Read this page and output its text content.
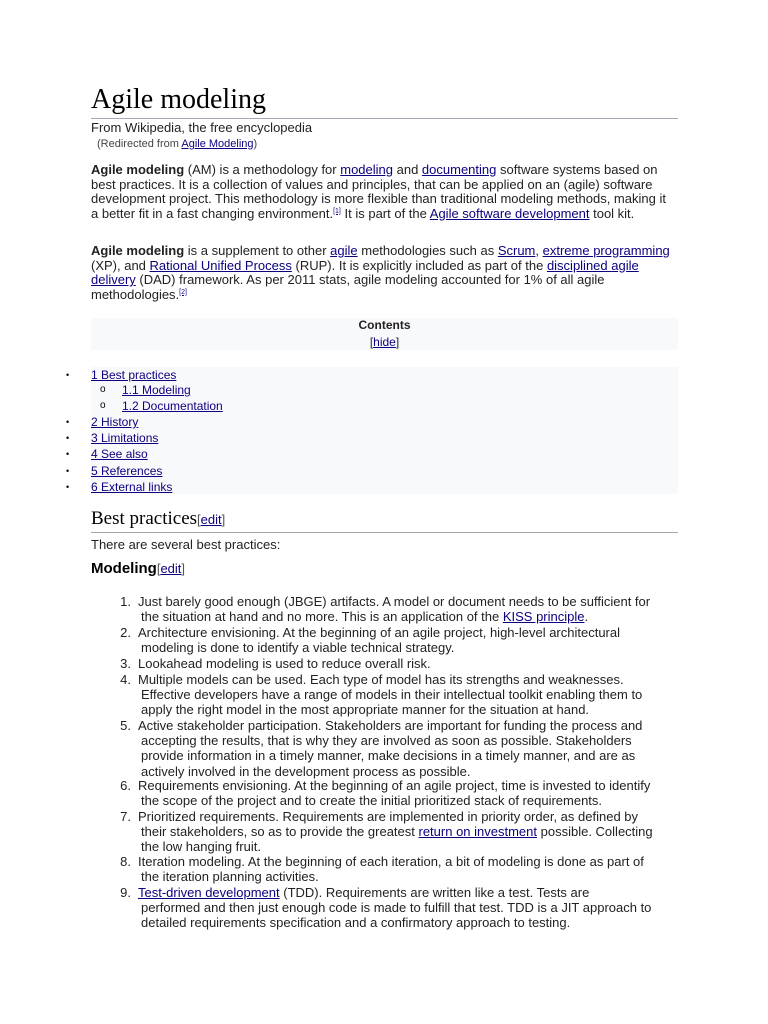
Agile modeling
From Wikipedia, the free encyclopedia
(Redirected from Agile Modeling)

Agile modeling (AM) is a methodology for modeling and documenting software systems based on best practices. It is a collection of values and principles, that can be applied on an (agile) software development project. This methodology is more flexible than traditional modeling methods, making it a better fit in a fast changing environment.[1] It is part of the Agile software development tool kit.

Agile modeling is a supplement to other agile methodologies such as Scrum, extreme programming (XP), and Rational Unified Process (RUP). It is explicitly included as part of the disciplined agile delivery (DAD) framework. As per 2011 stats, agile modeling accounted for 1% of all agile methodologies.[2]

Contents
[hide]
• 1 Best practices
o 1.1 Modeling
o 1.2 Documentation
• 2 History
• 3 Limitations
• 4 See also
• 5 References
• 6 External links
Best practices[edit]
There are several best practices:
Modeling[edit]
1. Just barely good enough (JBGE) artifacts. A model or document needs to be sufficient for
the situation at hand and no more. This is an application of the KISS principle.
2. Architecture envisioning. At the beginning of an agile project, high-level architectural
modeling is done to identify a viable technical strategy.
3. Lookahead modeling is used to reduce overall risk.
4. Multiple models can be used. Each type of model has its strengths and weaknesses.
Effective developers have a range of models in their intellectual toolkit enabling them to
apply the right model in the most appropriate manner for the situation at hand.
5. Active stakeholder participation. Stakeholders are important for funding the process and
accepting the results, that is why they are involved as soon as possible. Stakeholders
provide information in a timely manner, make decisions in a timely manner, and are as
actively involved in the development process as possible.
6. Requirements envisioning. At the beginning of an agile project, time is invested to identify
the scope of the project and to create the initial prioritized stack of requirements.
7. Prioritized requirements. Requirements are implemented in priority order, as defined by
their stakeholders, so as to provide the greatest return on investment possible. Collecting
the low hanging fruit.
8. Iteration modeling. At the beginning of each iteration, a bit of modeling is done as part of
the iteration planning activities.
9. Test-driven development (TDD). Requirements are written like a test. Tests are
performed and then just enough code is made to fulfill that test. TDD is a JIT approach to
detailed requirements specification and a confirmatory approach to testing.
